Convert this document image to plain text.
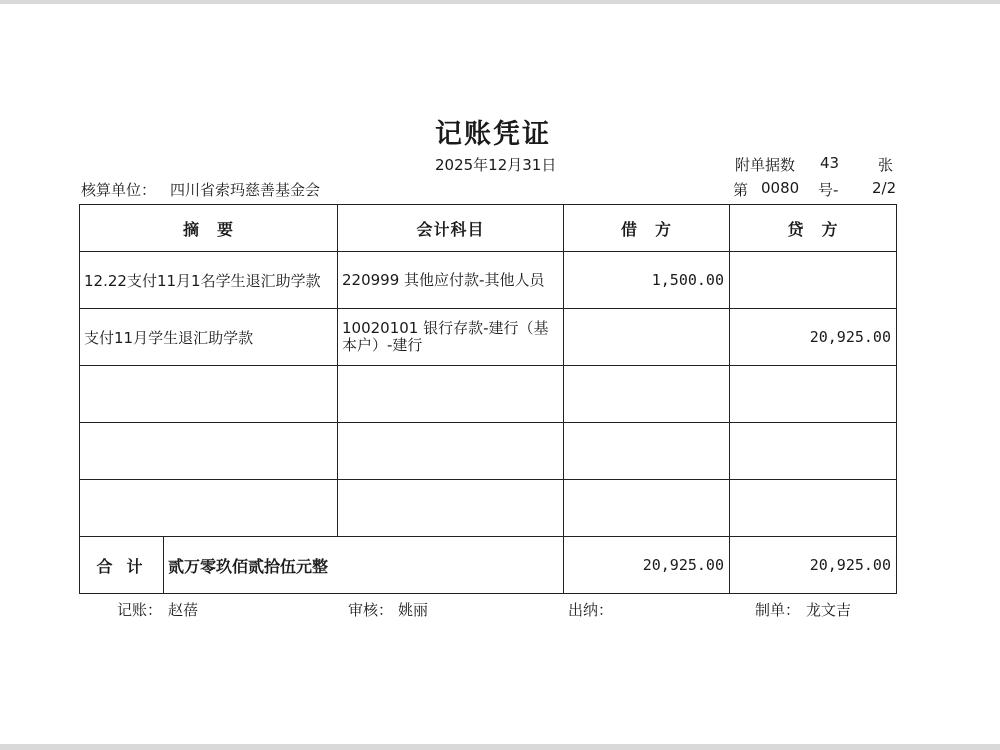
记账凭证
2025年12月31日	附单据数 43	张
核算单位： 四川省索玛慈善基金会	第 0080 号- 2/2
摘　要	会计科目	借　方	贷　方
12.22支付11月1名学生退汇助学款	220999 其他应付款-其他人员	1,500.00	
支付11月学生退汇助学款	10020101 银行存款-建行（基本户）-建行		20,925.00

合计 贰万零玖佰贰拾伍元整		20,925.00	20,925.00
记账： 赵蓓	审核： 姚丽	出纳：	制单： 龙文吉
